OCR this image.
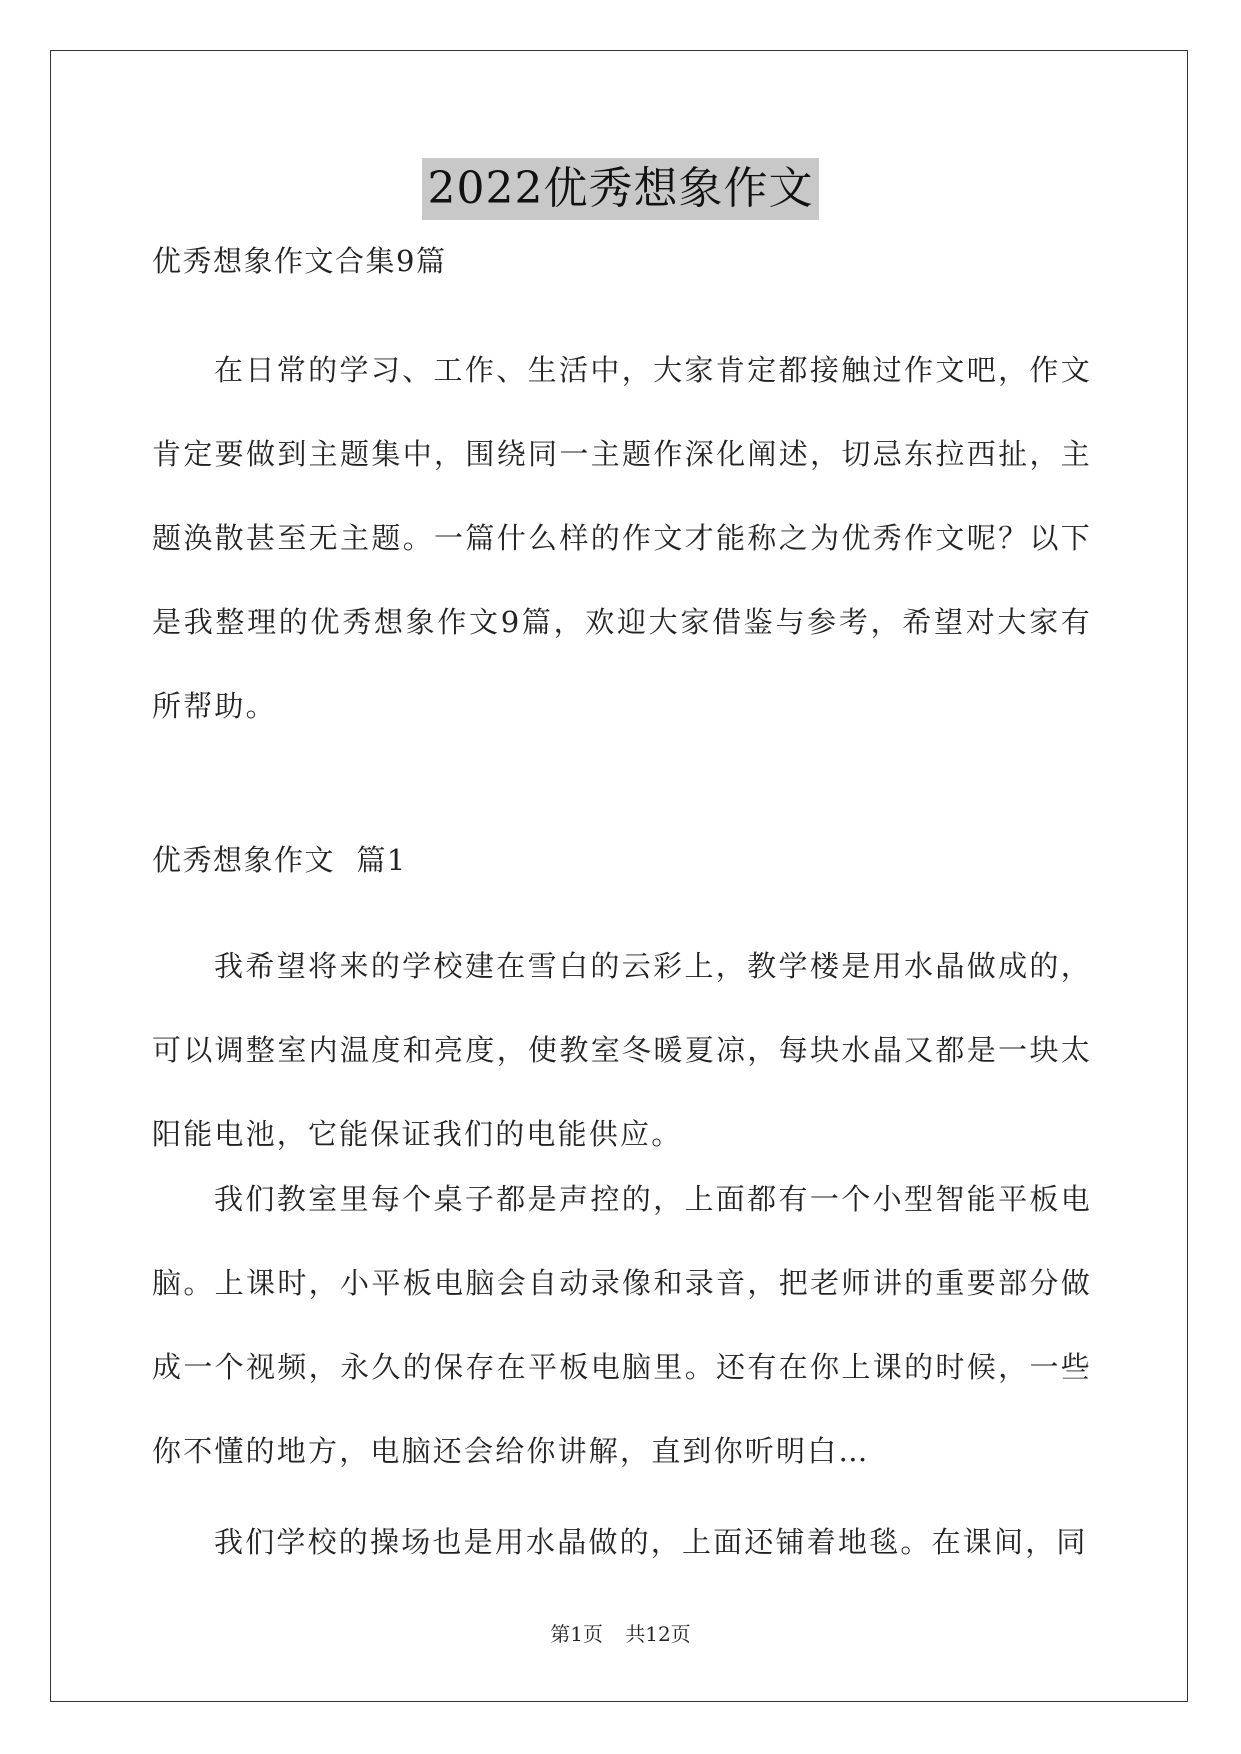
2022优秀想象作文
优秀想象作文合集9篇

在日常的学习、工作、生活中，大家肯定都接触过作文吧，作文肯定要做到主题集中，围绕同一主题作深化阐述，切忌东拉西扯，主题涣散甚至无主题。一篇什么样的作文才能称之为优秀作文呢？以下是我整理的优秀想象作文9篇，欢迎大家借鉴与参考，希望对大家有所帮助。

优秀想象作文  篇1

我希望将来的学校建在雪白的云彩上，教学楼是用水晶做成的，可以调整室内温度和亮度，使教室冬暖夏凉，每块水晶又都是一块太阳能电池，它能保证我们的电能供应。

我们教室里每个桌子都是声控的，上面都有一个小型智能平板电脑。上课时，小平板电脑会自动录像和录音，把老师讲的重要部分做成一个视频，永久的保存在平板电脑里。还有在你上课的时候，一些你不懂的地方，电脑还会给你讲解，直到你听明白…

我们学校的操场也是用水晶做的，上面还铺着地毯。在课间，同

第1页 共12页
